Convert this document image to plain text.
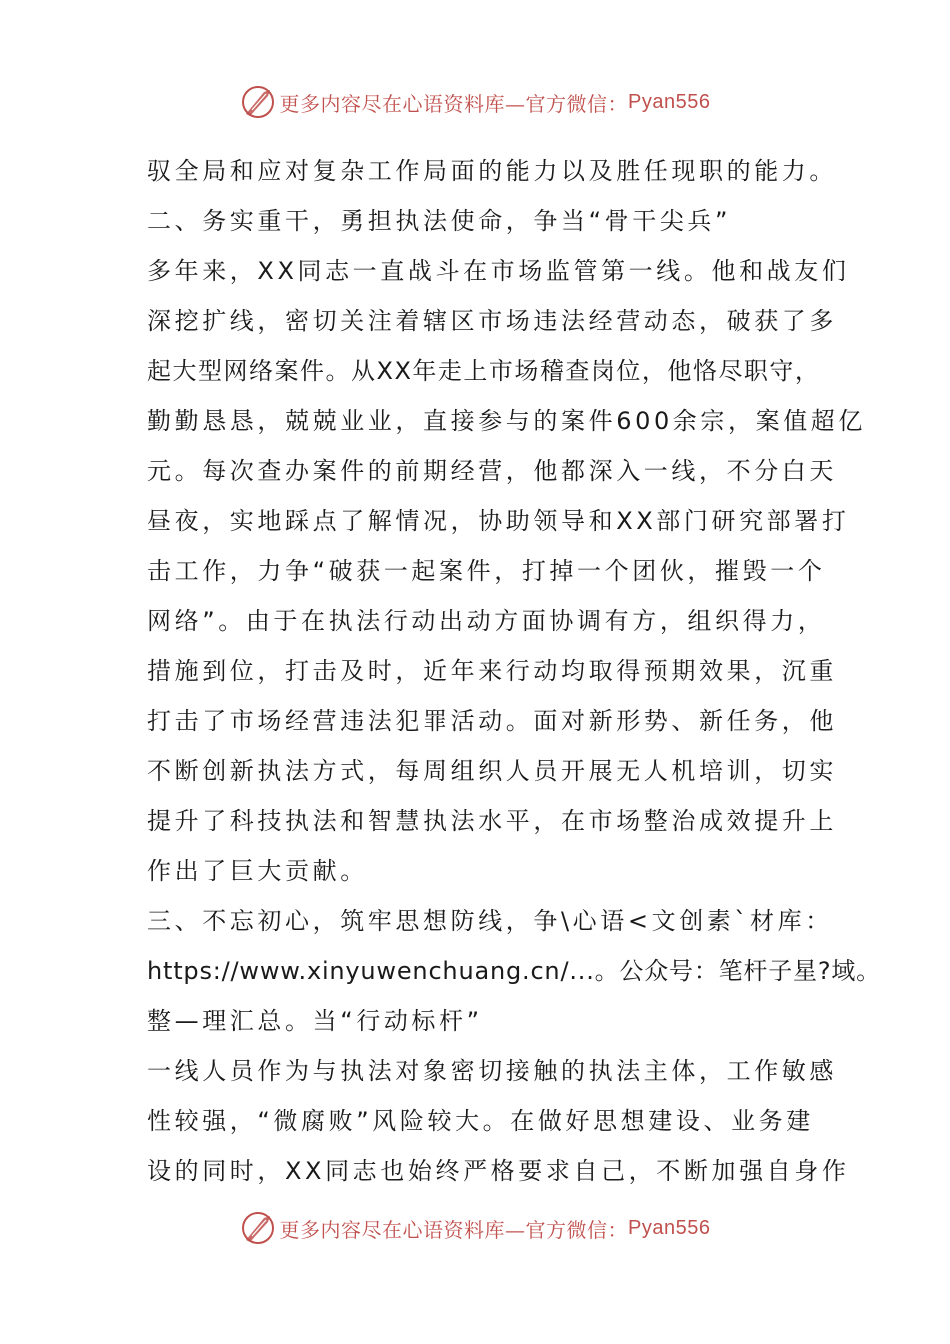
更多内容尽在心语资料库—官方微信： Pyan556
驭全局和应对复杂工作局面的能力以及胜任现职的能力。
二、务实重干，勇担执法使命，争当“骨干尖兵”
多年来，XX同志一直战斗在市场监管第一线。他和战友们
深挖扩线，密切关注着辖区市场违法经营动态，破获了多
起大型网络案件。从XX年走上市场稽查岗位，他恪尽职守，
勤勤恳恳，兢兢业业，直接参与的案件600余宗，案值超亿
元。每次查办案件的前期经营，他都深入一线，不分白天
昼夜，实地踩点了解情况，协助领导和XX部门研究部署打
击工作，力争“破获一起案件，打掉一个团伙，摧毁一个
网络”。由于在执法行动出动方面协调有方，组织得力，
措施到位，打击及时，近年来行动均取得预期效果，沉重
打击了市场经营违法犯罪活动。面对新形势、新任务，他
不断创新执法方式，每周组织人员开展无人机培训，切实
提升了科技执法和智慧执法水平，在市场整治成效提升上
作出了巨大贡献。
三、不忘初心，筑牢思想防线，争\心语<文创素`材库：
https://www.xinyuwenchuang.cn/...。公众号：笔杆子星?域。
整—理汇总。当“行动标杆”
一线人员作为与执法对象密切接触的执法主体，工作敏感
性较强，“微腐败”风险较大。在做好思想建设、业务建
设的同时，XX同志也始终严格要求自己，不断加强自身作
更多内容尽在心语资料库—官方微信： Pyan556
